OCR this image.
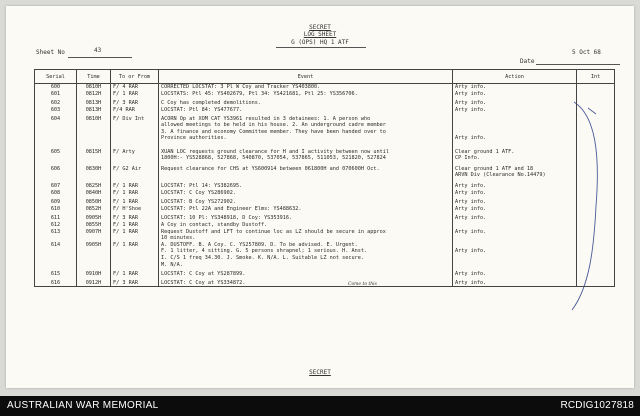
SECRET
LOG SHEET
G (OPS) HQ 1 ATF
Sheet No	43
Date
5 Oct 68
Come to this
SECRET
Serial	Time	To or From	Event	Action	Int
600	0810H	F/ 4 RAR	CORRECTED LOCSTAT: 3 Pl W Coy and Tracker YS403800.	Arty info.	
601	0812H	F/ 1 RAR	LOCSTATS: Ptl 45: YS402679, Ptl 34: YS421681, Ptl 25: YS356706.	Arty info.	
602	0813H	F/ 3 RAR	C Coy has completed demolitions.	Arty info.	
603	0813H	F/4 RAR	LOCSTAT: Ptl 84: YS477677.	Arty info.	
604	0810H	F/ Div Int	ACORN Op at XOM CAT YS3961 resulted in 3 detainees: 1. A person who
allowed meetings to be held in his house. 2. An underground cadre member
3. A finance and economy Committee member. They have been handed over to
Province authorities.	

Arty info.	
605	0815H	F/ Arty	XUAN LOC requests ground clearance for H and I activity between now until
1800H:- YS528868, 527868, 540870, 537054, 537865, 511053, 521820, 527824	Clear ground 1 ATF.
CP Info.	
606	0830H	F/ G2 Air	Request clearance for CHS at YS600914 between 061800H and 070600H Oct.	Clear ground 1 ATF and 18
ARVN Div (Clearance No.14479)	
607	0825H	F/ 1 RAR	LOCSTAT: Ptl 14: YS382695.	Arty info.	
608	0840H	F/ 1 RAR	LOCSTAT: C Coy YS286902.	Arty info.	
609	0850H	F/ 1 RAR	LOCSTAT: B Coy YS272902.	Arty info.	
610	0852H	F/ H'Shoe	LOCSTAT: Ptl 22A and Engineer Elms: YS488632.	Arty info.	
611	0905H	F/ 3 RAR	LOCSTAT: 10 Pl: YS348918, D Coy: YS353916.	Arty info.	
612	0855H	F/ 1 RAR	A Coy in contact, standby Dustoff.		
613	0907H	F/ 1 RAR	Request Dustoff and LFT to continue loc as LZ should be secure in approx
10 minutes.	Arty info.	
614	0905H	F/ 1 RAR	A. DUSTOFF. B. A Coy. C. YS257809. D. To be advised. E. Urgent.
F. 1 litter, 4 sitting. G. 5 persons shrapnel; 1 serious. H. Anst.
I. C/S 1 freq 34.30. J. Smoke. K. N/A. L. Suitable LZ not secure.
M. N/A.	
Arty info.	
615	0910H	F/ 1 RAR	LOCSTAT: C Coy at YS287899.	Arty info.	
616	0912H	F/ 3 RAR	LOCSTAT: C Coy at YS334872.	Arty info.	
AUSTRALIAN WAR MEMORIAL	RCDIG1027818
